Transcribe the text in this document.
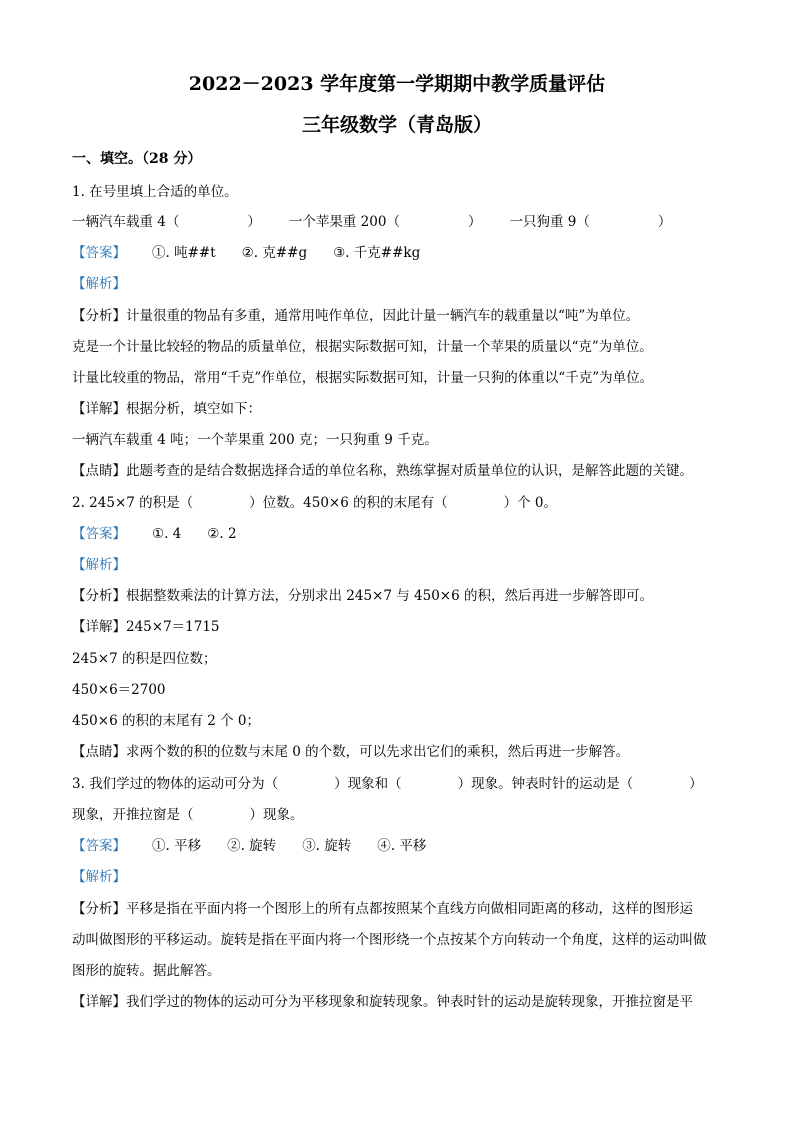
2022－2023 学年度第一学期期中教学质量评估
三年级数学（青岛版）
一、填空。（28 分）
1. 在号里填上合适的单位。
一辆汽车载重 4（	） 一个苹果重 200（	） 一只狗重 9（	）
【答案】 ①. 吨##t ②. 克##g ③. 千克##kg
【解析】
【分析】计量很重的物品有多重，通常用吨作单位，因此计量一辆汽车的载重量以“吨”为单位。
克是一个计量比较轻的物品的质量单位，根据实际数据可知，计量一个苹果的质量以“克”为单位。
计量比较重的物品，常用“千克”作单位，根据实际数据可知，计量一只狗的体重以“千克”为单位。
【详解】根据分析，填空如下：
一辆汽车载重 4 吨；一个苹果重 200 克；一只狗重 9 千克。
【点睛】此题考查的是结合数据选择合适的单位名称，熟练掌握对质量单位的认识，是解答此题的关键。
2. 245×7 的积是（	）位数。450×6 的积的末尾有（	）个 0。
【答案】 ①. 4 ②. 2
【解析】
【分析】根据整数乘法的计算方法，分别求出 245×7 与 450×6 的积，然后再进一步解答即可。
【详解】245×7＝1715
245×7 的积是四位数；
450×6＝2700
450×6 的积的末尾有 2 个 0；
【点睛】求两个数的积的位数与末尾 0 的个数，可以先求出它们的乘积，然后再进一步解答。
3. 我们学过的物体的运动可分为（	）现象和（	）现象。钟表时针的运动是（	）
现象，开推拉窗是（	）现象。
【答案】 ①. 平移 ②. 旋转 ③. 旋转 ④. 平移
【解析】
【分析】平移是指在平面内将一个图形上的所有点都按照某个直线方向做相同距离的移动，这样的图形运
动叫做图形的平移运动。旋转是指在平面内将一个图形绕一个点按某个方向转动一个角度，这样的运动叫做
图形的旋转。据此解答。
【详解】我们学过的物体的运动可分为平移现象和旋转现象。钟表时针的运动是旋转现象，开推拉窗是平
